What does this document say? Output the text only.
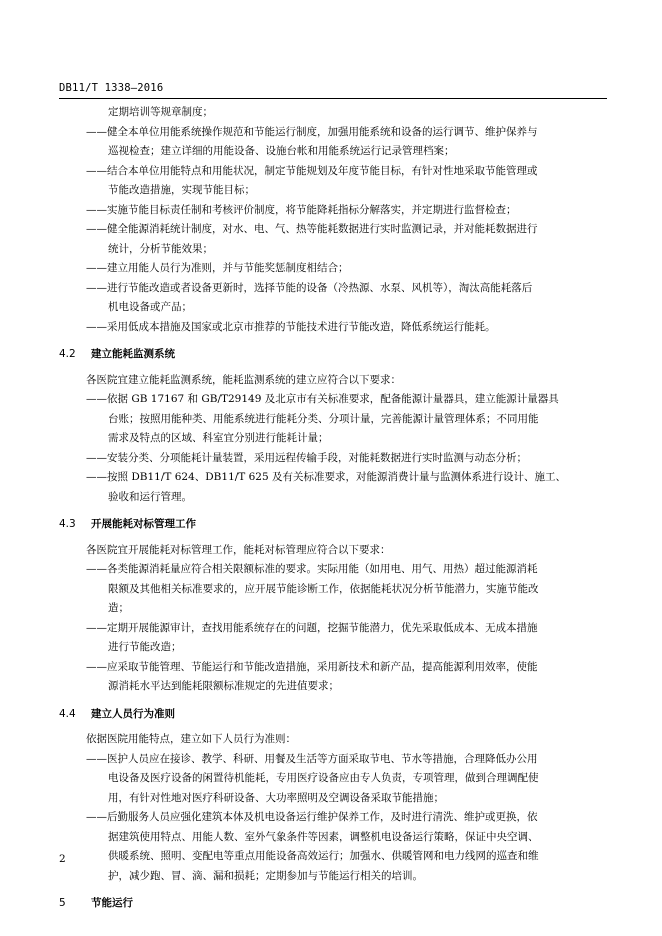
DB11/T 1338—2016
定期培训等规章制度；
——健全本单位用能系统操作规范和节能运行制度，加强用能系统和设备的运行调节、维护保养与
巡视检查；建立详细的用能设备、设施台帐和用能系统运行记录管理档案；
——结合本单位用能特点和用能状况，制定节能规划及年度节能目标，有针对性地采取节能管理或
节能改造措施，实现节能目标；
——实施节能目标责任制和考核评价制度，将节能降耗指标分解落实，并定期进行监督检查；
——健全能源消耗统计制度，对水、电、气、热等能耗数据进行实时监测记录，并对能耗数据进行
统计，分析节能效果；
——建立用能人员行为准则，并与节能奖惩制度相结合；
——进行节能改造或者设备更新时，选择节能的设备（冷热源、水泵、风机等），淘汰高能耗落后
机电设备或产品；
——采用低成本措施及国家或北京市推荐的节能技术进行节能改造，降低系统运行能耗。
4.2 建立能耗监测系统
各医院宜建立能耗监测系统，能耗监测系统的建立应符合以下要求：
——依据 GB 17167 和 GB/T29149 及北京市有关标准要求，配备能源计量器具，建立能源计量器具
台账；按照用能种类、用能系统进行能耗分类、分项计量，完善能源计量管理体系；不同用能
需求及特点的区域、科室宜分别进行能耗计量；
——安装分类、分项能耗计量装置，采用远程传输手段，对能耗数据进行实时监测与动态分析；
——按照 DB11/T 624、DB11/T 625 及有关标准要求，对能源消费计量与监测体系进行设计、施工、
验收和运行管理。
4.3 开展能耗对标管理工作
各医院宜开展能耗对标管理工作，能耗对标管理应符合以下要求：
——各类能源消耗量应符合相关限额标准的要求。实际用能（如用电、用气、用热）超过能源消耗
限额及其他相关标准要求的，应开展节能诊断工作，依据能耗状况分析节能潜力，实施节能改
造；
——定期开展能源审计，查找用能系统存在的问题，挖掘节能潜力，优先采取低成本、无成本措施
进行节能改造；
——应采取节能管理、节能运行和节能改造措施，采用新技术和新产品，提高能源利用效率，使能
源消耗水平达到能耗限额标准规定的先进值要求；
4.4 建立人员行为准则
依据医院用能特点，建立如下人员行为准则：
——医护人员应在接诊、教学、科研、用餐及生活等方面采取节电、节水等措施，合理降低办公用
电设备及医疗设备的闲置待机能耗，专用医疗设备应由专人负责，专项管理，做到合理调配使
用，有针对性地对医疗科研设备、大功率照明及空调设备采取节能措施；
——后勤服务人员应强化建筑本体及机电设备运行维护保养工作，及时进行清洗、维护或更换，依
据建筑使用特点、用能人数、室外气象条件等因素，调整机电设备运行策略，保证中央空调、
供暖系统、照明、变配电等重点用能设备高效运行；加强水、供暖管网和电力线网的巡查和维
护，减少跑、冒、滴、漏和损耗；定期参加与节能运行相关的培训。
5 节能运行
2
